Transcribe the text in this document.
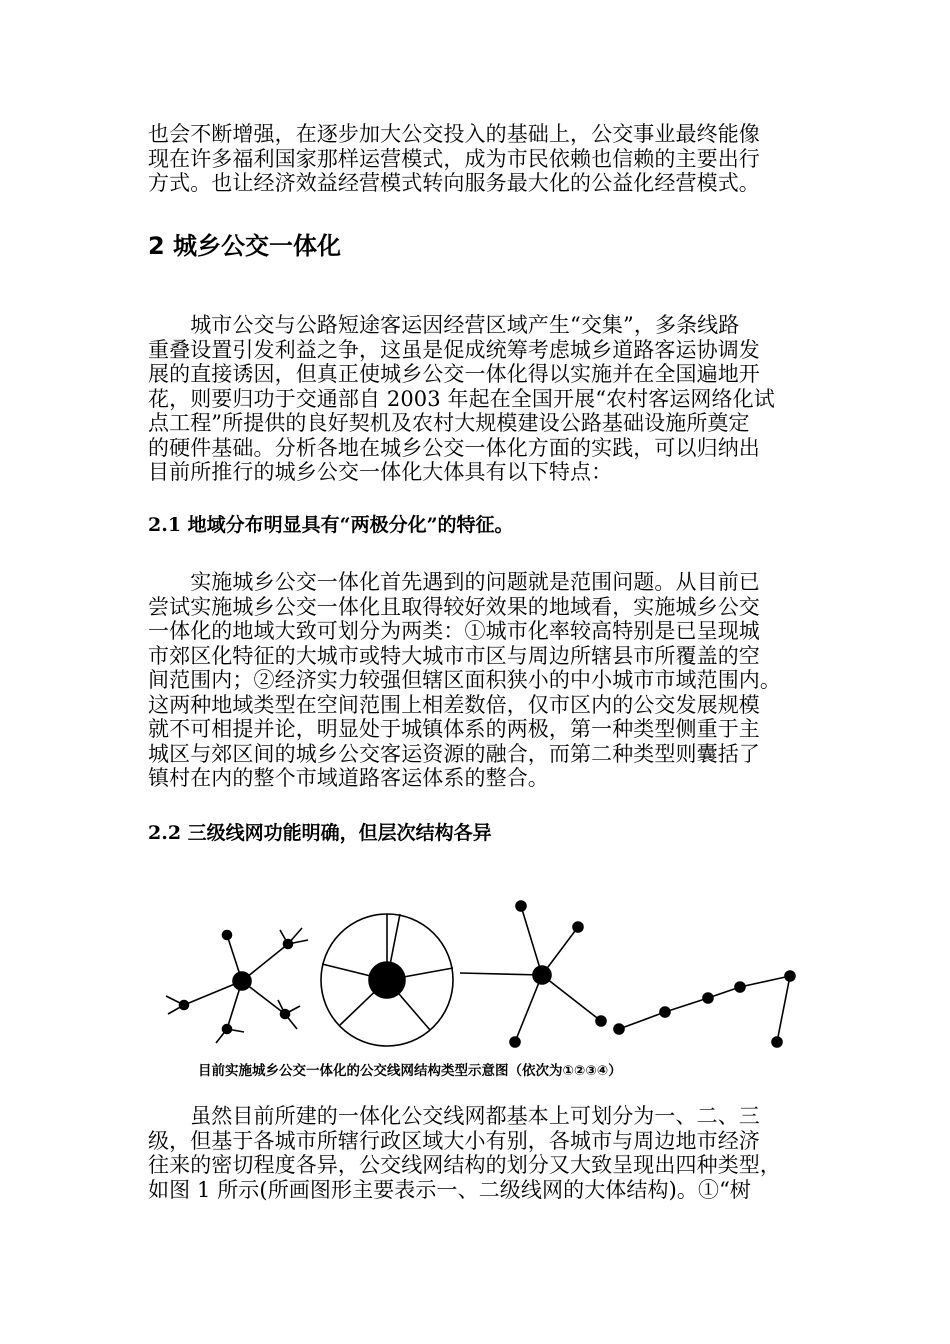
也会不断增强，在逐步加大公交投入的基础上，公交事业最终能像
现在许多福利国家那样运营模式，成为市民依赖也信赖的主要出行
方式。也让经济效益经营模式转向服务最大化的公益化经营模式。

2 城乡公交一体化

　　城市公交与公路短途客运因经营区域产生“交集”，多条线路
重叠设置引发利益之争，这虽是促成统筹考虑城乡道路客运协调发
展的直接诱因，但真正使城乡公交一体化得以实施并在全国遍地开
花，则要归功于交通部自 2003 年起在全国开展“农村客运网络化试
点工程”所提供的良好契机及农村大规模建设公路基础设施所奠定
的硬件基础。分析各地在城乡公交一体化方面的实践，可以归纳出
目前所推行的城乡公交一体化大体具有以下特点：

2.1 地域分布明显具有“两极分化”的特征。

　　实施城乡公交一体化首先遇到的问题就是范围问题。从目前已
尝试实施城乡公交一体化且取得较好效果的地域看，实施城乡公交
一体化的地域大致可划分为两类：①城市化率较高特别是已呈现城
市郊区化特征的大城市或特大城市市区与周边所辖县市所覆盖的空
间范围内；②经济实力较强但辖区面积狭小的中小城市市域范围内。
这两种地域类型在空间范围上相差数倍，仅市区内的公交发展规模
就不可相提并论，明显处于城镇体系的两极，第一种类型侧重于主
城区与郊区间的城乡公交客运资源的融合，而第二种类型则囊括了
镇村在内的整个市域道路客运体系的整合。

2.2 三级线网功能明确，但层次结构各异
目前实施城乡公交一体化的公交线网结构类型示意图（依次为①②③④）

　　虽然目前所建的一体化公交线网都基本上可划分为一、二、三
级，但基于各城市所辖行政区域大小有别，各城市与周边地市经济
往来的密切程度各异，公交线网结构的划分又大致呈现出四种类型，
如图 1 所示(所画图形主要表示一、二级线网的大体结构)。①“树
